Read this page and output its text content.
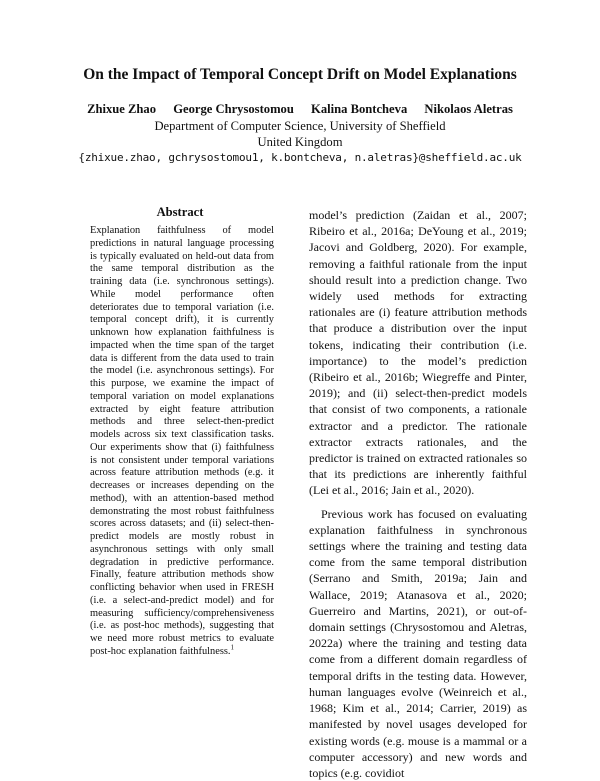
On the Impact of Temporal Concept Drift on Model Explanations
Zhixue Zhao George Chrysostomou Kalina Bontcheva Nikolaos Aletras
Department of Computer Science, University of Sheffield
United Kingdom
{zhixue.zhao, gchrysostomou1, k.bontcheva, n.aletras}@sheffield.ac.uk
Abstract
Explanation faithfulness of model predictions in natural language processing is typically evaluated on held-out data from the same temporal distribution as the training data (i.e. synchronous settings). While model performance often deteriorates due to temporal variation (i.e. temporal concept drift), it is currently unknown how explanation faithfulness is impacted when the time span of the target data is different from the data used to train the model (i.e. asynchronous settings). For this purpose, we examine the impact of temporal variation on model explanations extracted by eight feature attribution methods and three select-then-predict models across six text classification tasks. Our experiments show that (i) faithfulness is not consistent under temporal variations across feature attribution methods (e.g. it decreases or increases depending on the method), with an attention-based method demonstrating the most robust faithfulness scores across datasets; and (ii) select-then-predict models are mostly robust in asynchronous settings with only small degradation in predictive performance. Finally, feature attribution methods show conflicting behavior when used in FRESH (i.e. a select-and-predict model) and for measuring sufficiency/comprehensiveness (i.e. as post-hoc methods), suggesting that we need more robust metrics to evaluate post-hoc explanation faithfulness.$^1$

model’s prediction (Zaidan et al., 2007; Ribeiro et al., 2016a; DeYoung et al., 2019; Jacovi and Goldberg, 2020). For example, removing a faithful rationale from the input should result into a prediction change. Two widely used methods for extracting rationales are (i) feature attribution methods that produce a distribution over the input tokens, indicating their contribution (i.e. importance) to the model’s prediction (Ribeiro et al., 2016b; Wiegreffe and Pinter, 2019); and (ii) select-then-predict models that consist of two components, a rationale extractor and a predictor. The rationale extractor extracts rationales, and the predictor is trained on extracted rationales so that its predictions are inherently faithful (Lei et al., 2016; Jain et al., 2020).

Previous work has focused on evaluating explanation faithfulness in synchronous settings where the training and testing data come from the same temporal distribution (Serrano and Smith, 2019a; Jain and Wallace, 2019; Atanasova et al., 2020; Guerreiro and Martins, 2021), or out-of-domain settings (Chrysostomou and Aletras, 2022a) where the training and testing data come from a different domain regardless of temporal drifts in the testing data. However, human languages evolve (Weinreich et al., 1968; Kim et al., 2014; Carrier, 2019) as manifested by novel usages developed for existing words (e.g. mouse is a mammal or a computer accessory) and new words and topics (e.g. covidiot
